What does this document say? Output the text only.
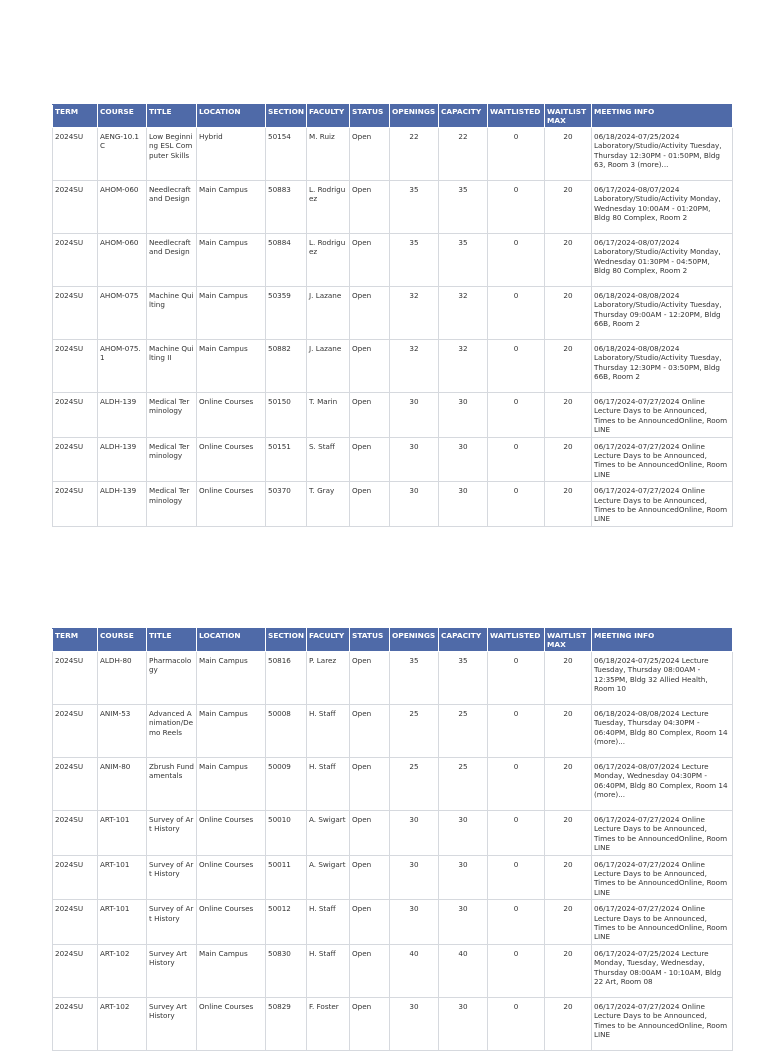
TERM	COURSE	TITLE	LOCATION	SECTION	FACULTY	STATUS	OPENINGS	CAPACITY	WAITLISTED	WAITLIST MAX	MEETING INFO
2024SU	AENG-10.1C	Low Beginning ESL Computer Skills	Hybrid	50154	M. Ruiz	Open	22	22	0	20	06/18/2024-07/25/2024 Laboratory/Studio/Activity Tuesday, Thursday 12:30PM - 01:50PM, Bldg 63, Room 3 (more)...
2024SU	AHOM-060	Needlecraft and Design	Main Campus	50883	L. Rodriguez	Open	35	35	0	20	06/17/2024-08/07/2024 Laboratory/Studio/Activity Monday, Wednesday 10:00AM - 01:20PM, Bldg 80 Complex, Room 2
2024SU	AHOM-060	Needlecraft and Design	Main Campus	50884	L. Rodriguez	Open	35	35	0	20	06/17/2024-08/07/2024 Laboratory/Studio/Activity Monday, Wednesday 01:30PM - 04:50PM, Bldg 80 Complex, Room 2
2024SU	AHOM-075	Machine Quilting	Main Campus	50359	J. Lazane	Open	32	32	0	20	06/18/2024-08/08/2024 Laboratory/Studio/Activity Tuesday, Thursday 09:00AM - 12:20PM, Bldg 66B, Room 2
2024SU	AHOM-075.1	Machine Quilting II	Main Campus	50882	J. Lazane	Open	32	32	0	20	06/18/2024-08/08/2024 Laboratory/Studio/Activity Tuesday, Thursday 12:30PM - 03:50PM, Bldg 66B, Room 2
2024SU	ALDH-139	Medical Terminology	Online Courses	50150	T. Marin	Open	30	30	0	20	06/17/2024-07/27/2024 Online Lecture Days to be Announced, Times to be AnnouncedOnline, Room LINE
2024SU	ALDH-139	Medical Terminology	Online Courses	50151	S. Staff	Open	30	30	0	20	06/17/2024-07/27/2024 Online Lecture Days to be Announced, Times to be AnnouncedOnline, Room LINE
2024SU	ALDH-139	Medical Terminology	Online Courses	50370	T. Gray	Open	30	30	0	20	06/17/2024-07/27/2024 Online Lecture Days to be Announced, Times to be AnnouncedOnline, Room LINE
TERM	COURSE	TITLE	LOCATION	SECTION	FACULTY	STATUS	OPENINGS	CAPACITY	WAITLISTED	WAITLIST MAX	MEETING INFO
2024SU	ALDH-80	Pharmacology	Main Campus	50816	P. Larez	Open	35	35	0	20	06/18/2024-07/25/2024 Lecture Tuesday, Thursday 08:00AM - 12:35PM, Bldg 32 Allied Health, Room 10
2024SU	ANIM-53	Advanced Animation/Demo Reels	Main Campus	50008	H. Staff	Open	25	25	0	20	06/18/2024-08/08/2024 Lecture Tuesday, Thursday 04:30PM - 06:40PM, Bldg 80 Complex, Room 14 (more)...
2024SU	ANIM-80	Zbrush Fundamentals	Main Campus	50009	H. Staff	Open	25	25	0	20	06/17/2024-08/07/2024 Lecture Monday, Wednesday 04:30PM - 06:40PM, Bldg 80 Complex, Room 14 (more)...
2024SU	ART-101	Survey of Art History	Online Courses	50010	A. Swigart	Open	30	30	0	20	06/17/2024-07/27/2024 Online Lecture Days to be Announced, Times to be AnnouncedOnline, Room LINE
2024SU	ART-101	Survey of Art History	Online Courses	50011	A. Swigart	Open	30	30	0	20	06/17/2024-07/27/2024 Online Lecture Days to be Announced, Times to be AnnouncedOnline, Room LINE
2024SU	ART-101	Survey of Art History	Online Courses	50012	H. Staff	Open	30	30	0	20	06/17/2024-07/27/2024 Online Lecture Days to be Announced, Times to be AnnouncedOnline, Room LINE
2024SU	ART-102	Survey Art History	Main Campus	50830	H. Staff	Open	40	40	0	20	06/17/2024-07/25/2024 Lecture Monday, Tuesday, Wednesday, Thursday 08:00AM - 10:10AM, Bldg 22 Art, Room 08
2024SU	ART-102	Survey Art History	Online Courses	50829	F. Foster	Open	30	30	0	20	06/17/2024-07/27/2024 Online Lecture Days to be Announced, Times to be AnnouncedOnline, Room LINE
